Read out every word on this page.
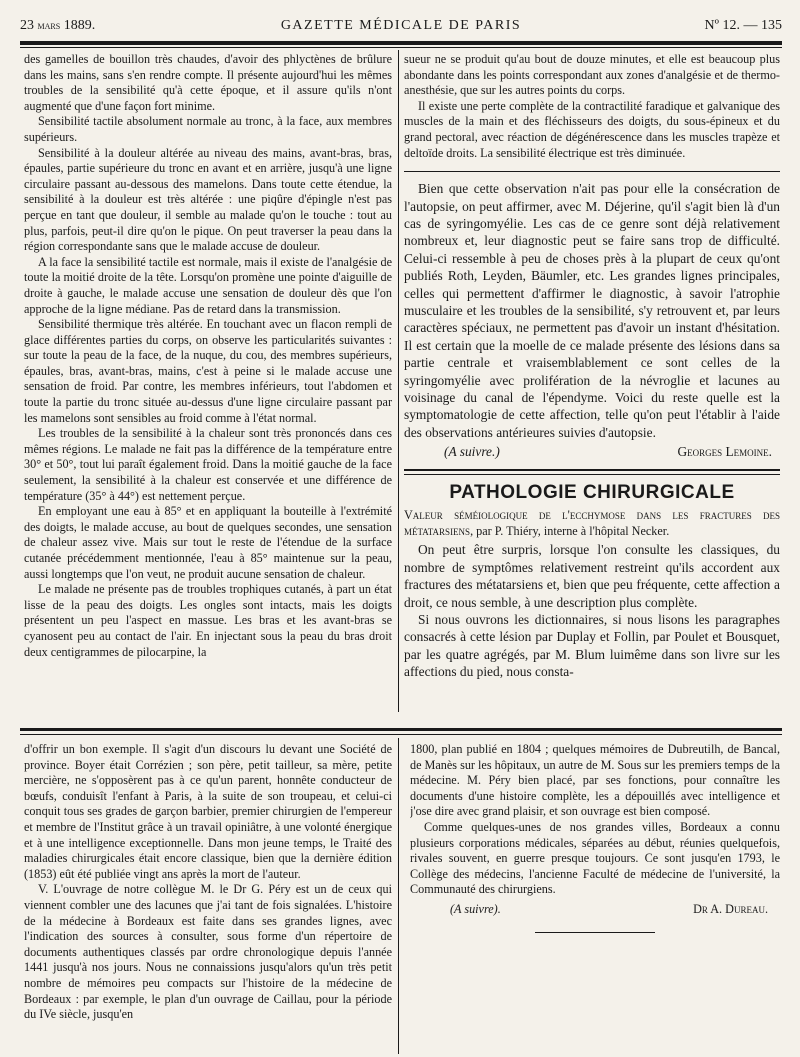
23 mars 1889.	GAZETTE MÉDICALE DE PARIS	Nº 12. — 135

des gamelles de bouillon très chaudes, d'avoir des phlyctènes de brûlure dans les mains, sans s'en rendre compte. Il présente aujourd'hui les mêmes troubles de la sensibilité qu'à cette époque, et il assure qu'ils n'ont augmenté que d'une façon fort minime.

Sensibilité tactile absolument normale au tronc, à la face, aux membres supérieurs.

Sensibilité à la douleur altérée au niveau des mains, avant-bras, bras, épaules, partie supérieure du tronc en avant et en arrière, jusqu'à une ligne circulaire passant au-dessous des mamelons. Dans toute cette étendue, la sensibilité à la douleur est très altérée : une piqûre d'épingle n'est pas perçue en tant que douleur, il semble au malade qu'on le touche : tout au plus, parfois, peut-il dire qu'on le pique. On peut traverser la peau dans la région correspondante sans que le malade accuse de douleur.

A la face la sensibilité tactile est normale, mais il existe de l'analgésie de toute la moitié droite de la tête. Lorsqu'on promène une pointe d'aiguille de droite à gauche, le malade accuse une sensation de douleur dès que l'on approche de la ligne médiane. Pas de retard dans la transmission.

Sensibilité thermique très altérée. En touchant avec un flacon rempli de glace différentes parties du corps, on observe les particularités suivantes : sur toute la peau de la face, de la nuque, du cou, des membres supérieurs, épaules, bras, avant-bras, mains, c'est à peine si le malade accuse une sensation de froid. Par contre, les membres inférieurs, tout l'abdomen et toute la partie du tronc située au-dessus d'une ligne circulaire passant par les mamelons sont sensibles au froid comme à l'état normal.

Les troubles de la sensibilité à la chaleur sont très prononcés dans ces mêmes régions. Le malade ne fait pas la différence de la température entre 30° et 50°, tout lui paraît également froid. Dans la moitié gauche de la face seulement, la sensibilité à la chaleur est conservée et une différence de température (35° à 44°) est nettement perçue.

En employant une eau à 85° et en appliquant la bouteille à l'extrémité des doigts, le malade accuse, au bout de quelques secondes, une sensation de chaleur assez vive. Mais sur tout le reste de l'étendue de la surface cutanée précédemment mentionnée, l'eau à 85° maintenue sur la peau, aussi longtemps que l'on veut, ne produit aucune sensation de chaleur.

Le malade ne présente pas de troubles trophiques cutanés, à part un état lisse de la peau des doigts. Les ongles sont intacts, mais les doigts présentent un peu l'aspect en massue. Les bras et les avant-bras se cyanosent peu au contact de l'air. En injectant sous la peau du bras droit deux centigrammes de pilocarpine, la

sueur ne se produit qu'au bout de douze minutes, et elle est beaucoup plus abondante dans les points correspondant aux zones d'analgésie et de thermo-anesthésie, que sur les autres points du corps.

Il existe une perte complète de la contractilité faradique et galvanique des muscles de la main et des fléchisseurs des doigts, du sous-épineux et du grand pectoral, avec réaction de dégénérescence dans les muscles trapèze et deltoïde droits. La sensibilité électrique est très diminuée.

Bien que cette observation n'ait pas pour elle la consécration de l'autopsie, on peut affirmer, avec M. Déjerine, qu'il s'agit bien là d'un cas de syringomyélie. Les cas de ce genre sont déjà relativement nombreux et, leur diagnostic peut se faire sans trop de difficulté. Celui-ci ressemble à peu de choses près à la plupart de ceux qu'ont publiés Roth, Leyden, Bäumler, etc. Les grandes lignes principales, celles qui permettent d'affirmer le diagnostic, à savoir l'atrophie musculaire et les troubles de la sensibilité, s'y retrouvent et, par leurs caractères spéciaux, ne permettent pas d'avoir un instant d'hésitation. Il est certain que la moelle de ce malade présente des lésions dans sa partie centrale et vraisemblablement ce sont celles de la syringomyélie avec prolifération de la névroglie et lacunes au voisinage du canal de l'épendyme. Voici du reste quelle est la symptomatologie de cette affection, telle qu'on peut l'établir à l'aide des observations antérieures suivies d'autopsie.

(A suivre.)	Georges Lemoine.
PATHOLOGIE CHIRURGICALE
Valeur séméiologique de l'ecchymose dans les fractures des métatarsiens, par P. Thiéry, interne à l'hôpital Necker.

On peut être surpris, lorsque l'on consulte les classiques, du nombre de symptômes relativement restreint qu'ils accordent aux fractures des métatarsiens et, bien que peu fréquente, cette affection a droit, ce nous semble, à une description plus complète.

Si nous ouvrons les dictionnaires, si nous lisons les paragraphes consacrés à cette lésion par Duplay et Follin, par Poulet et Bousquet, par les quatre agrégés, par M. Blum luimême dans son livre sur les affections du pied, nous consta-

d'offrir un bon exemple. Il s'agit d'un discours lu devant une Société de province. Boyer était Corrézien ; son père, petit tailleur, sa mère, petite mercière, ne s'opposèrent pas à ce qu'un parent, honnête conducteur de bœufs, conduisît l'enfant à Paris, à la suite de son troupeau, et celui-ci conquit tous ses grades de garçon barbier, premier chirurgien de l'empereur et membre de l'Institut grâce à un travail opiniâtre, à une volonté énergique et à une intelligence exceptionnelle. Dans mon jeune temps, le Traité des maladies chirurgicales était encore classique, bien que la dernière édition (1853) eût été publiée vingt ans après la mort de l'auteur.

V. L'ouvrage de notre collègue M. le Dr G. Péry est un de ceux qui viennent combler une des lacunes que j'ai tant de fois signalées. L'histoire de la médecine à Bordeaux est faite dans ses grandes lignes, avec l'indication des sources à consulter, sous forme d'un répertoire de documents authentiques classés par ordre chronologique depuis l'année 1441 jusqu'à nos jours. Nous ne connaissions jusqu'alors qu'un très petit nombre de mémoires peu compacts sur l'histoire de la médecine de Bordeaux : par exemple, le plan d'un ouvrage de Caillau, pour la période du IVe siècle, jusqu'en

1800, plan publié en 1804 ; quelques mémoires de Dubreutilh, de Bancal, de Manès sur les hôpitaux, un autre de M. Sous sur les premiers temps de la médecine. M. Péry bien placé, par ses fonctions, pour connaître les documents d'une histoire complète, les a dépouillés avec intelligence et j'ose dire avec grand plaisir, et son ouvrage est bien composé.

Comme quelques-unes de nos grandes villes, Bordeaux a connu plusieurs corporations médicales, séparées au début, réunies quelquefois, rivales souvent, en guerre presque toujours. Ce sont jusqu'en 1793, le Collège des médecins, l'ancienne Faculté de médecine de l'université, la Communauté des chirurgiens.

(A suivre).	Dr A. Dureau.
